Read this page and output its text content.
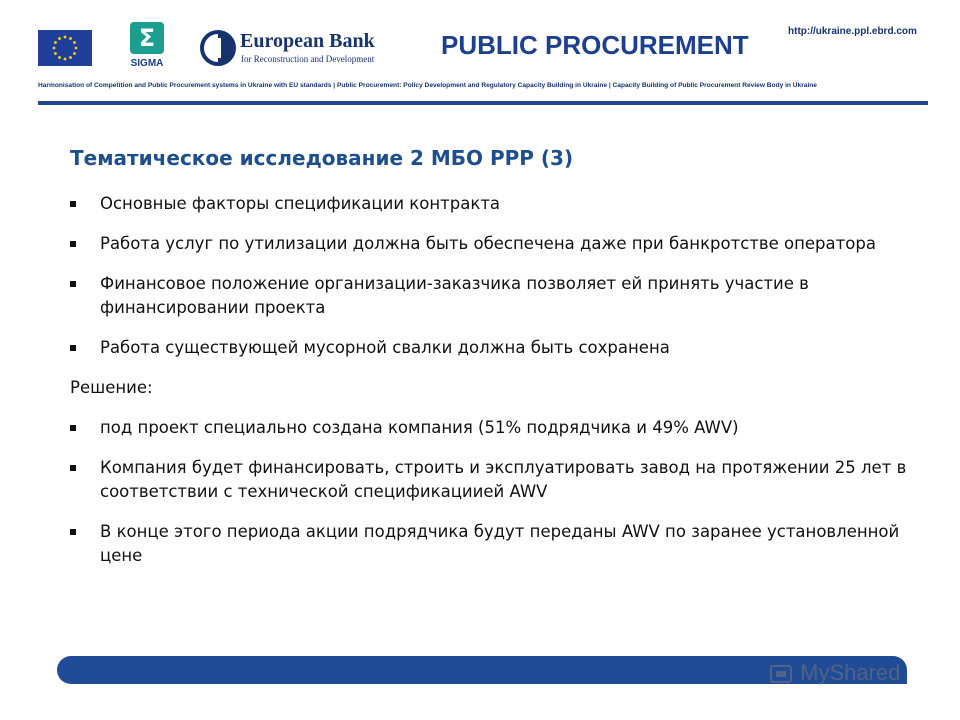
Σ
SIGMA
European Bank
for Reconstruction and Development	PUBLIC PROCUREMENT	http://ukraine.ppl.ebrd.com
Harmonisation of Competition and Public Procurement systems in Ukraine with EU standards | Public Procurement: Policy Development and Regulatory Capacity Building in Ukraine | Capacity Building of Public Procurement Review Body in Ukraine
Тематическое исследование 2 МБО PPP (3)
Основные факторы спецификации контракта
Работа услуг по утилизации должна быть обеспечена даже при банкротстве оператора
Финансовое положение организации-заказчика позволяет ей принять участие в финансировании проекта
Работа существующей мусорной свалки должна быть сохранена
Решение:
под проект специально создана компания (51% подрядчика и 49% AWV)
Компания будет финансировать, строить и эксплуатировать завод на протяжении 25 лет в соответствии с технической спецификациией AWV
В конце этого периода акции подрядчика будут переданы AWV по заранее установленной цене
MyShared
